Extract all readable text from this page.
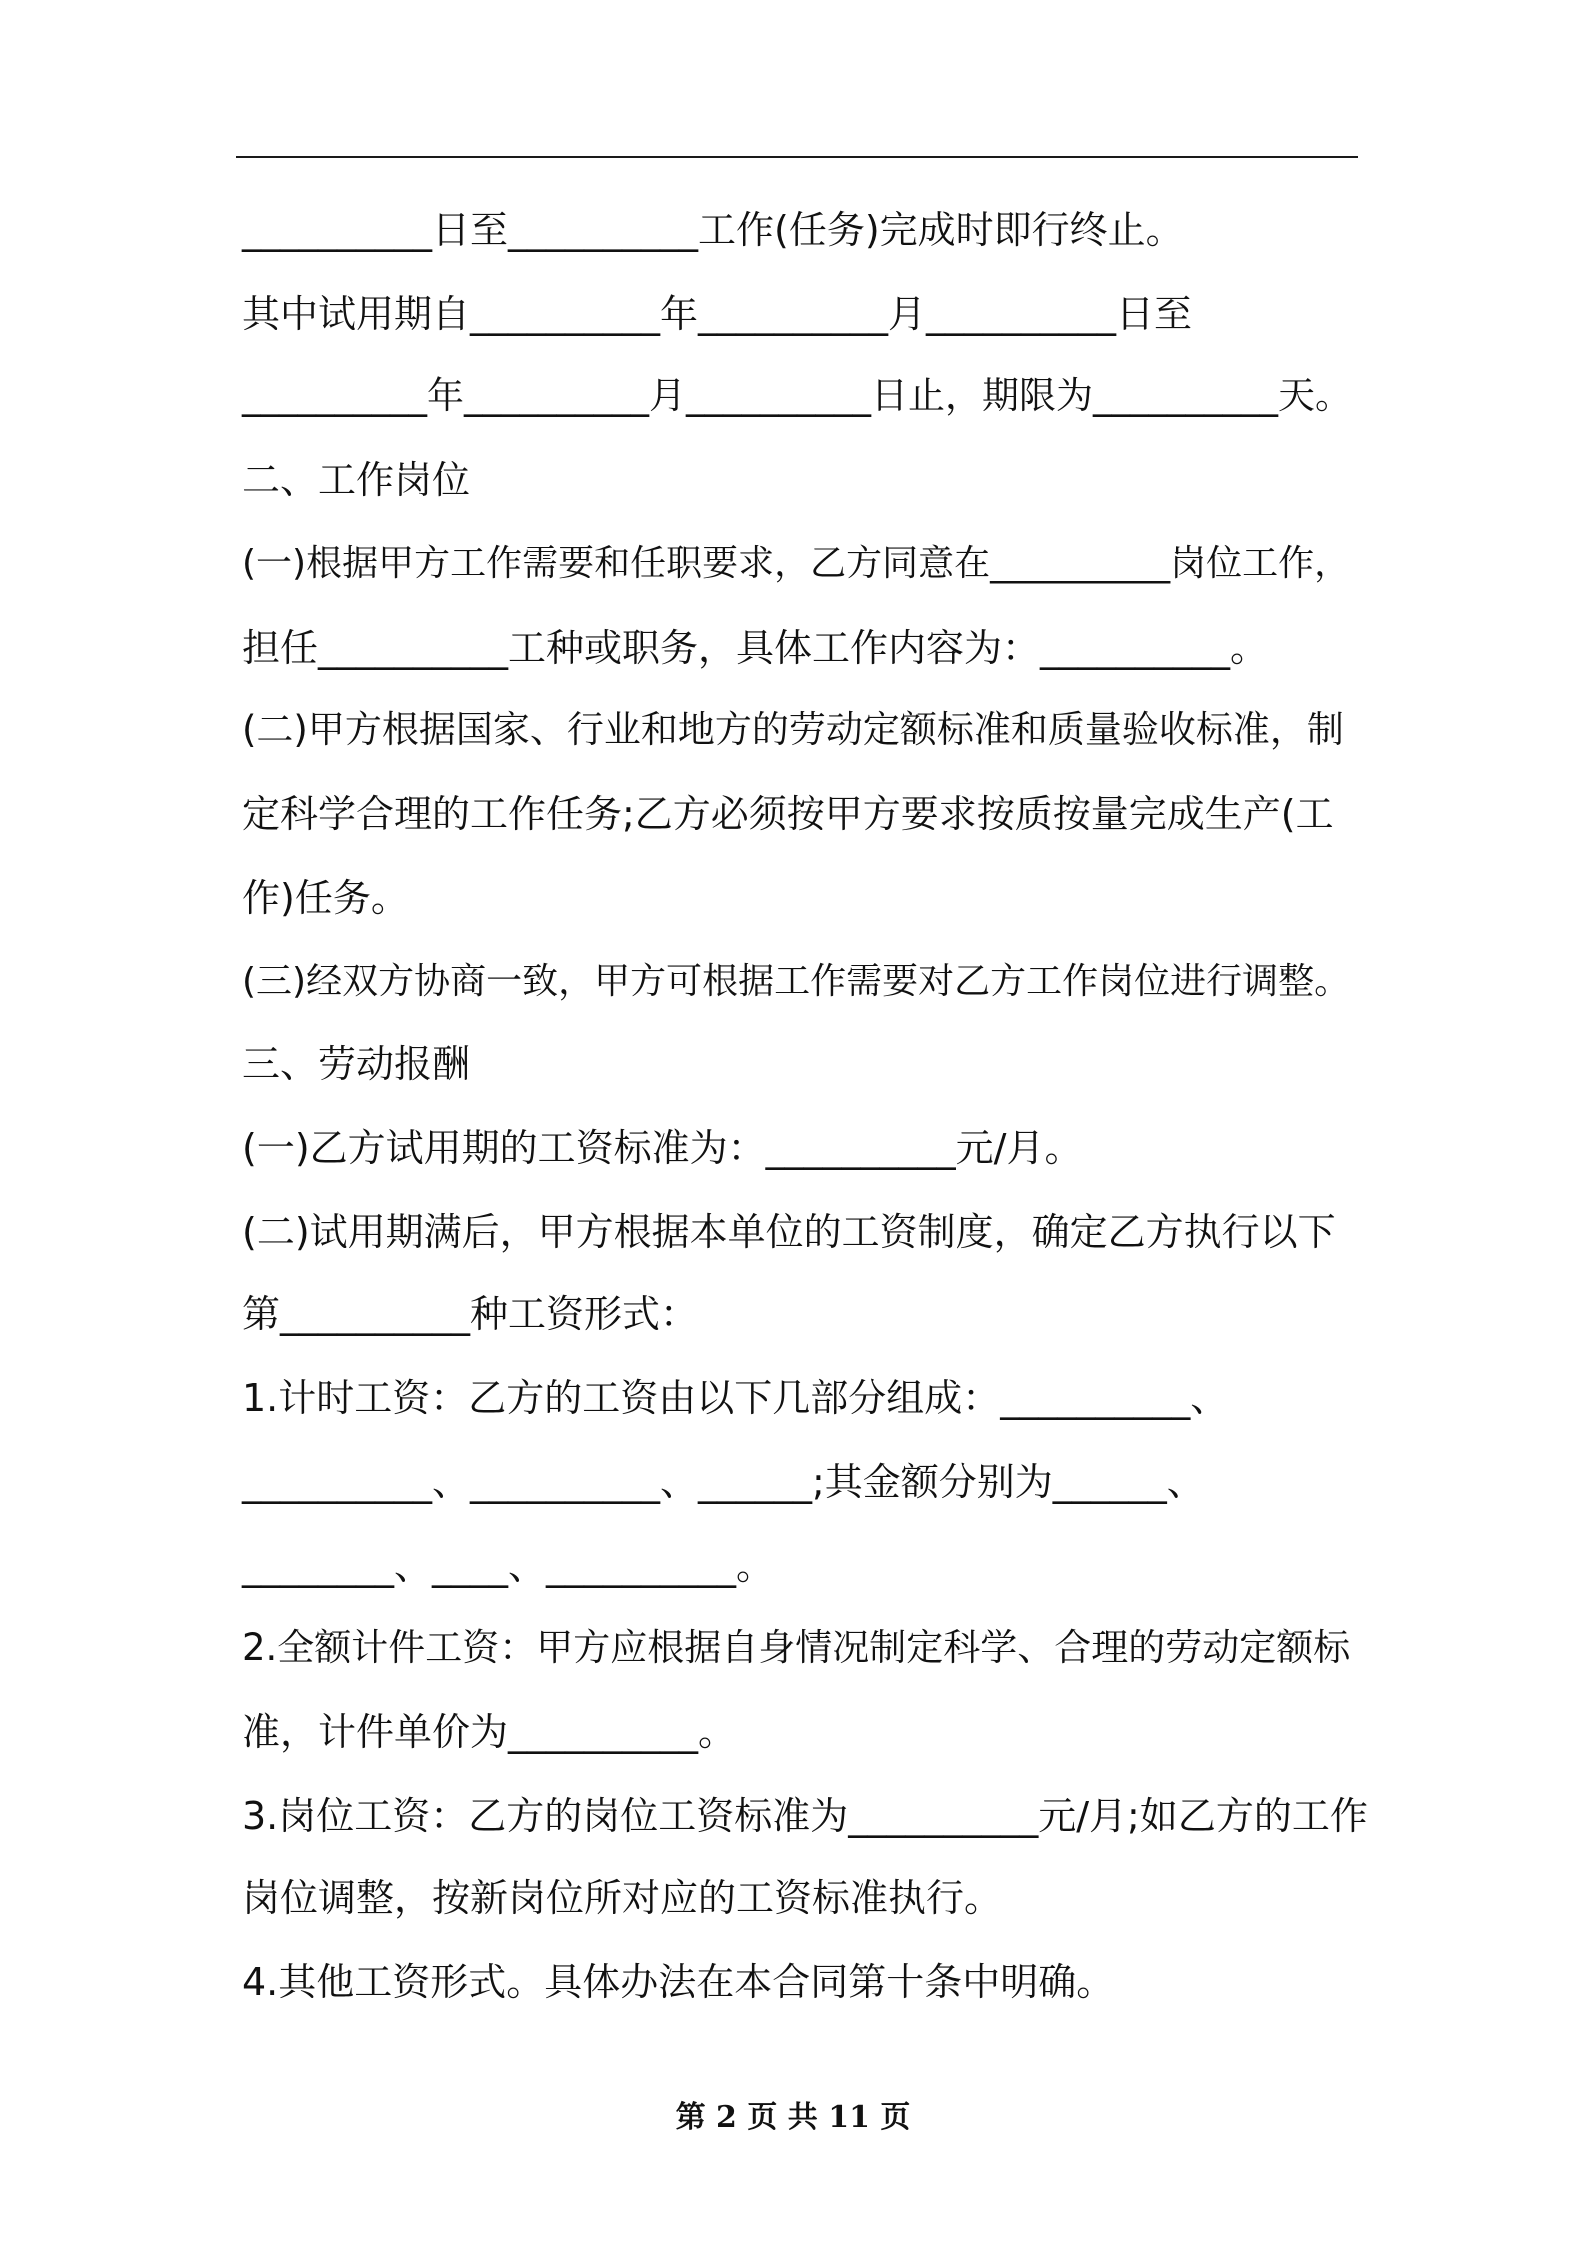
__________日至__________工作(任务)完成时即行终止。
其中试用期自__________年__________月__________日至
__________年__________月__________日止，期限为__________天。
二、工作岗位
(一)根据甲方工作需要和任职要求，乙方同意在__________岗位工作，
担任__________工种或职务，具体工作内容为：__________。
(二)甲方根据国家、行业和地方的劳动定额标准和质量验收标准，制
定科学合理的工作任务;乙方必须按甲方要求按质按量完成生产(工
作)任务。
(三)经双方协商一致，甲方可根据工作需要对乙方工作岗位进行调整。
三、劳动报酬
(一)乙方试用期的工资标准为：__________元/月。
(二)试用期满后，甲方根据本单位的工资制度，确定乙方执行以下
第__________种工资形式：
1.计时工资：乙方的工资由以下几部分组成：__________、
__________、__________、______;其金额分别为______、
________、____、__________。
2.全额计件工资：甲方应根据自身情况制定科学、合理的劳动定额标
准，计件单价为__________。
3.岗位工资：乙方的岗位工资标准为__________元/月;如乙方的工作
岗位调整，按新岗位所对应的工资标准执行。
4.其他工资形式。具体办法在本合同第十条中明确。
第 2 页 共 11 页
